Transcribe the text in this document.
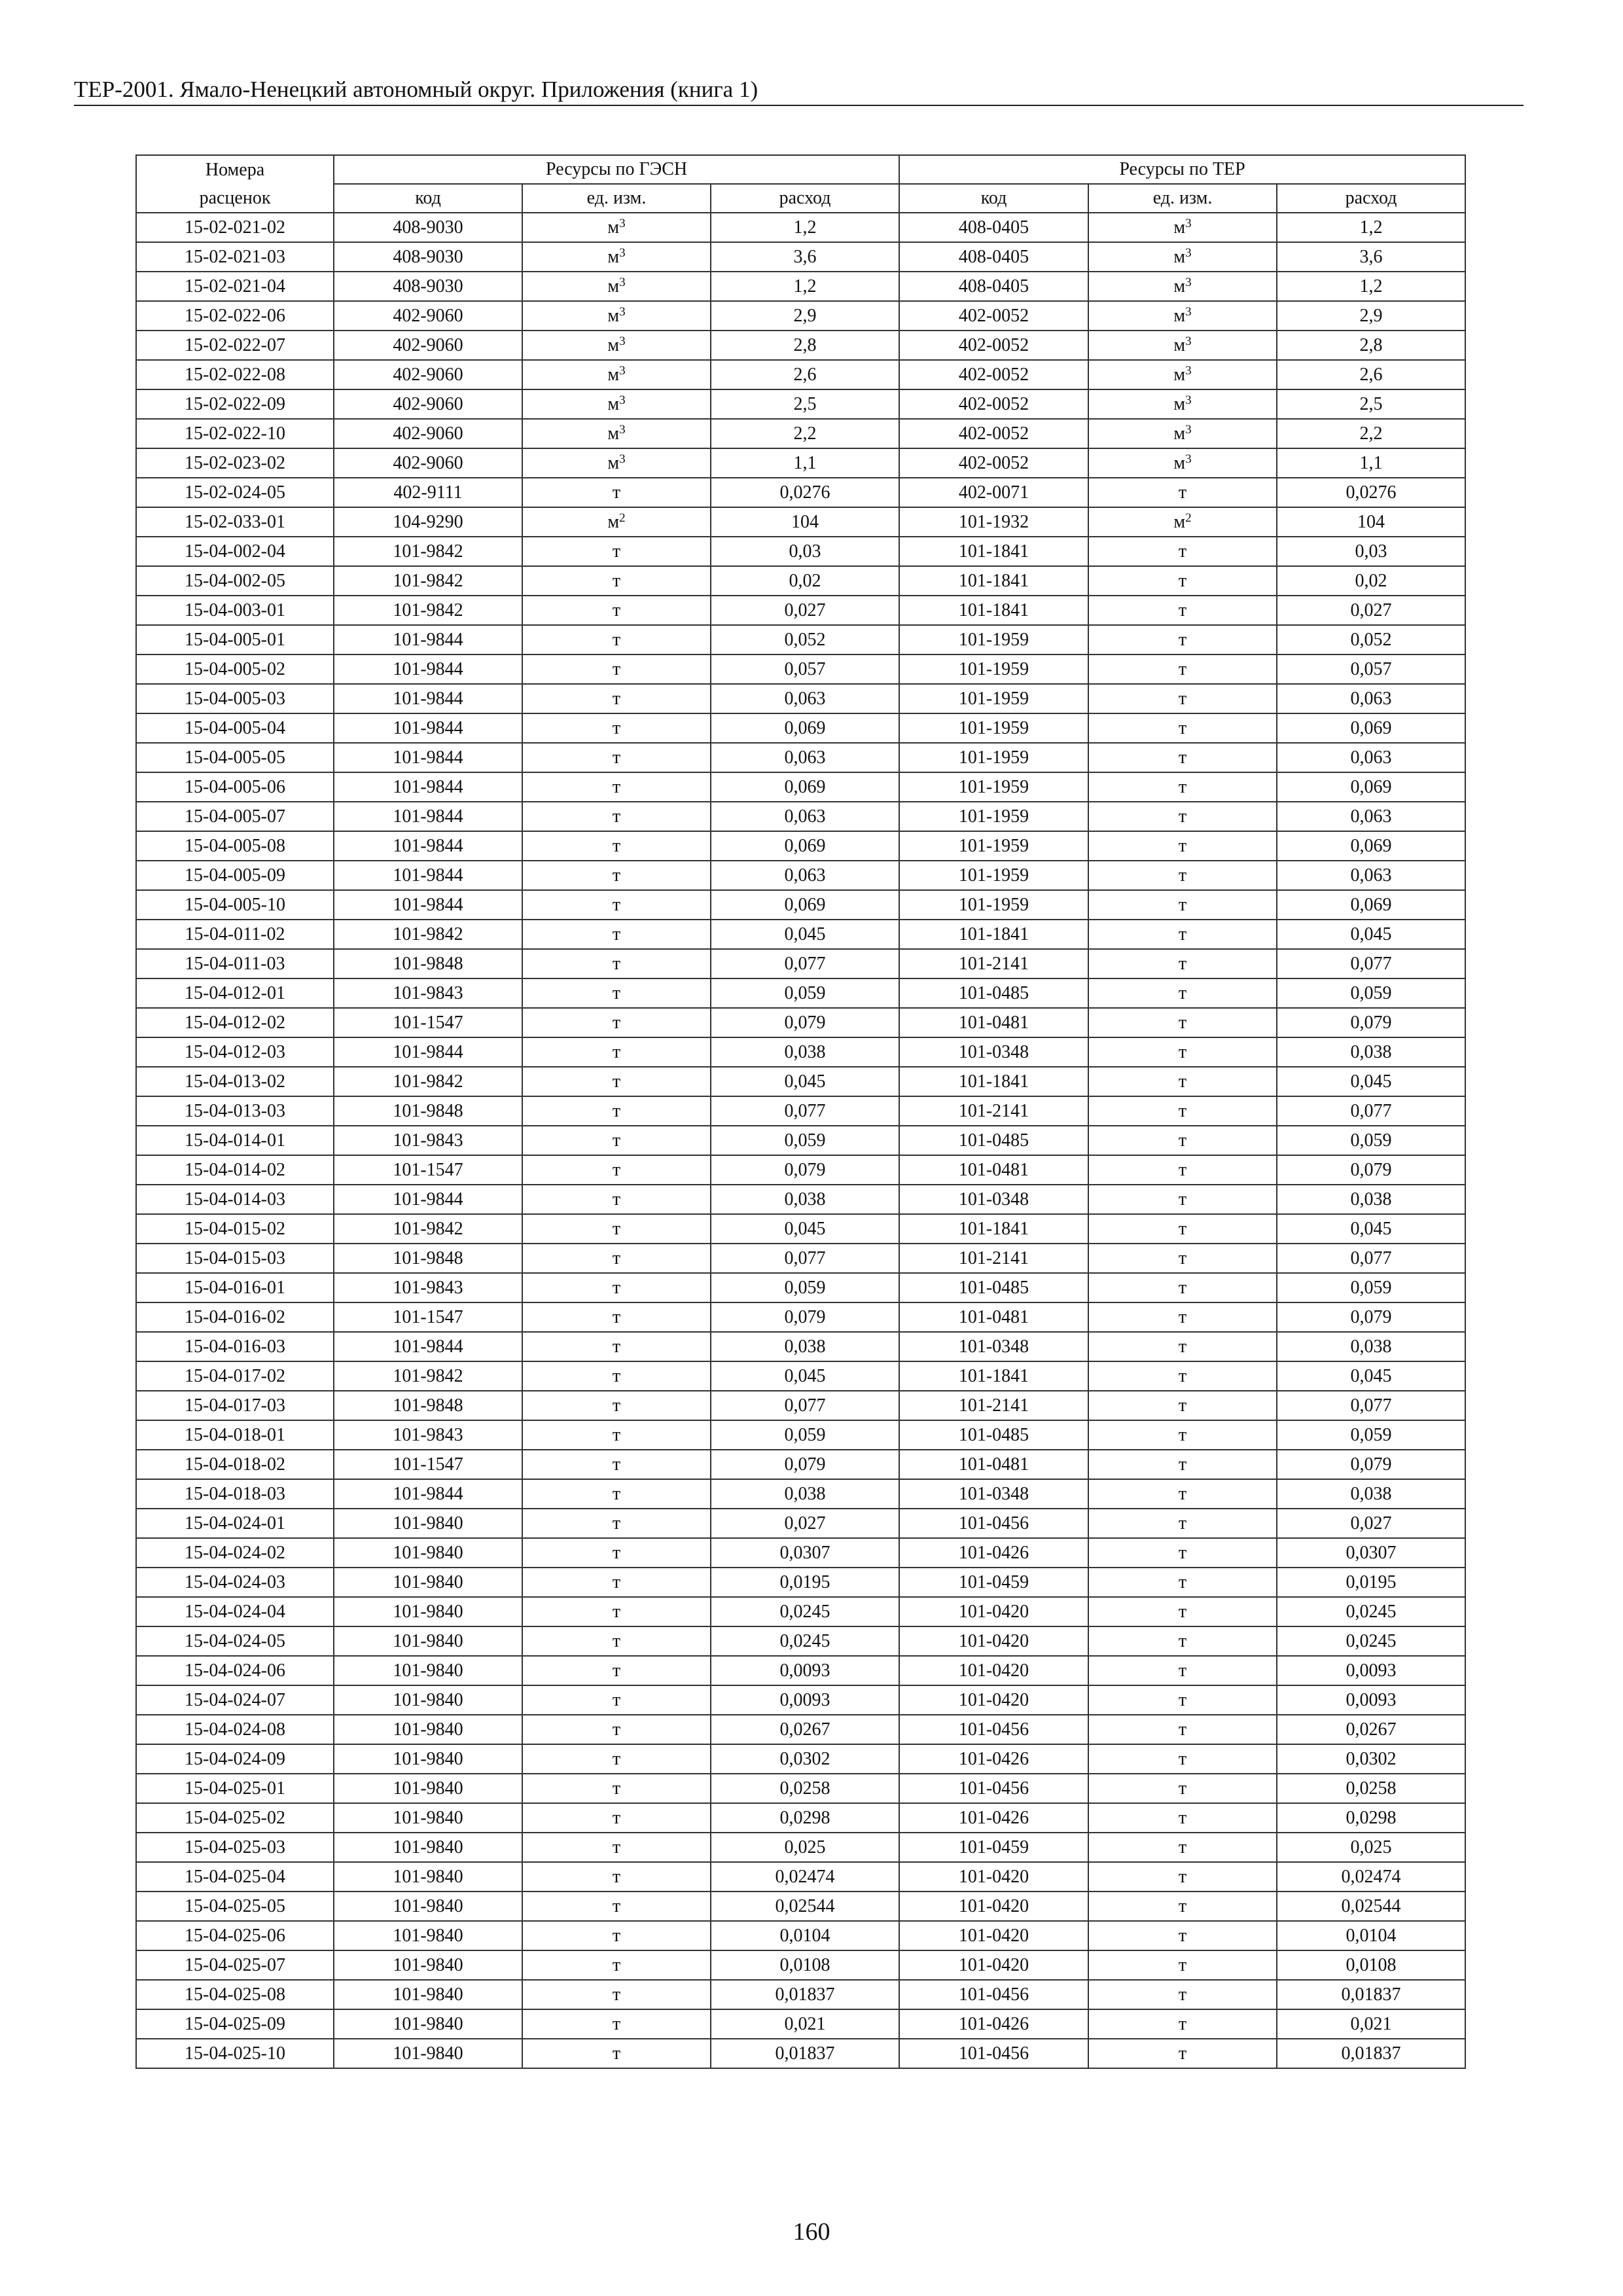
ТЕР-2001. Ямало-Ненецкий автономный округ. Приложения (книга 1)
Номера	Ресурсы по ГЭСН			Ресурсы по ТЕР		
расценок	код	ед. изм.	расход	код	ед. изм.	расход
15-02-021-02	408-9030	$м^3$	1,2	408-0405	$м^3$	1,2
15-02-021-03	408-9030	$м^3$	3,6	408-0405	$м^3$	3,6
15-02-021-04	408-9030	$м^3$	1,2	408-0405	$м^3$	1,2
15-02-022-06	402-9060	$м^3$	2,9	402-0052	$м^3$	2,9
15-02-022-07	402-9060	$м^3$	2,8	402-0052	$м^3$	2,8
15-02-022-08	402-9060	$м^3$	2,6	402-0052	$м^3$	2,6
15-02-022-09	402-9060	$м^3$	2,5	402-0052	$м^3$	2,5
15-02-022-10	402-9060	$м^3$	2,2	402-0052	$м^3$	2,2
15-02-023-02	402-9060	$м^3$	1,1	402-0052	$м^3$	1,1
15-02-024-05	402-9111	т	0,0276	402-0071	т	0,0276
15-02-033-01	104-9290	$м^2$	104	101-1932	$м^2$	104
15-04-002-04	101-9842	т	0,03	101-1841	т	0,03
15-04-002-05	101-9842	т	0,02	101-1841	т	0,02
15-04-003-01	101-9842	т	0,027	101-1841	т	0,027
15-04-005-01	101-9844	т	0,052	101-1959	т	0,052
15-04-005-02	101-9844	т	0,057	101-1959	т	0,057
15-04-005-03	101-9844	т	0,063	101-1959	т	0,063
15-04-005-04	101-9844	т	0,069	101-1959	т	0,069
15-04-005-05	101-9844	т	0,063	101-1959	т	0,063
15-04-005-06	101-9844	т	0,069	101-1959	т	0,069
15-04-005-07	101-9844	т	0,063	101-1959	т	0,063
15-04-005-08	101-9844	т	0,069	101-1959	т	0,069
15-04-005-09	101-9844	т	0,063	101-1959	т	0,063
15-04-005-10	101-9844	т	0,069	101-1959	т	0,069
15-04-011-02	101-9842	т	0,045	101-1841	т	0,045
15-04-011-03	101-9848	т	0,077	101-2141	т	0,077
15-04-012-01	101-9843	т	0,059	101-0485	т	0,059
15-04-012-02	101-1547	т	0,079	101-0481	т	0,079
15-04-012-03	101-9844	т	0,038	101-0348	т	0,038
15-04-013-02	101-9842	т	0,045	101-1841	т	0,045
15-04-013-03	101-9848	т	0,077	101-2141	т	0,077
15-04-014-01	101-9843	т	0,059	101-0485	т	0,059
15-04-014-02	101-1547	т	0,079	101-0481	т	0,079
15-04-014-03	101-9844	т	0,038	101-0348	т	0,038
15-04-015-02	101-9842	т	0,045	101-1841	т	0,045
15-04-015-03	101-9848	т	0,077	101-2141	т	0,077
15-04-016-01	101-9843	т	0,059	101-0485	т	0,059
15-04-016-02	101-1547	т	0,079	101-0481	т	0,079
15-04-016-03	101-9844	т	0,038	101-0348	т	0,038
15-04-017-02	101-9842	т	0,045	101-1841	т	0,045
15-04-017-03	101-9848	т	0,077	101-2141	т	0,077
15-04-018-01	101-9843	т	0,059	101-0485	т	0,059
15-04-018-02	101-1547	т	0,079	101-0481	т	0,079
15-04-018-03	101-9844	т	0,038	101-0348	т	0,038
15-04-024-01	101-9840	т	0,027	101-0456	т	0,027
15-04-024-02	101-9840	т	0,0307	101-0426	т	0,0307
15-04-024-03	101-9840	т	0,0195	101-0459	т	0,0195
15-04-024-04	101-9840	т	0,0245	101-0420	т	0,0245
15-04-024-05	101-9840	т	0,0245	101-0420	т	0,0245
15-04-024-06	101-9840	т	0,0093	101-0420	т	0,0093
15-04-024-07	101-9840	т	0,0093	101-0420	т	0,0093
15-04-024-08	101-9840	т	0,0267	101-0456	т	0,0267
15-04-024-09	101-9840	т	0,0302	101-0426	т	0,0302
15-04-025-01	101-9840	т	0,0258	101-0456	т	0,0258
15-04-025-02	101-9840	т	0,0298	101-0426	т	0,0298
15-04-025-03	101-9840	т	0,025	101-0459	т	0,025
15-04-025-04	101-9840	т	0,02474	101-0420	т	0,02474
15-04-025-05	101-9840	т	0,02544	101-0420	т	0,02544
15-04-025-06	101-9840	т	0,0104	101-0420	т	0,0104
15-04-025-07	101-9840	т	0,0108	101-0420	т	0,0108
15-04-025-08	101-9840	т	0,01837	101-0456	т	0,01837
15-04-025-09	101-9840	т	0,021	101-0426	т	0,021
15-04-025-10	101-9840	т	0,01837	101-0456	т	0,01837
160
